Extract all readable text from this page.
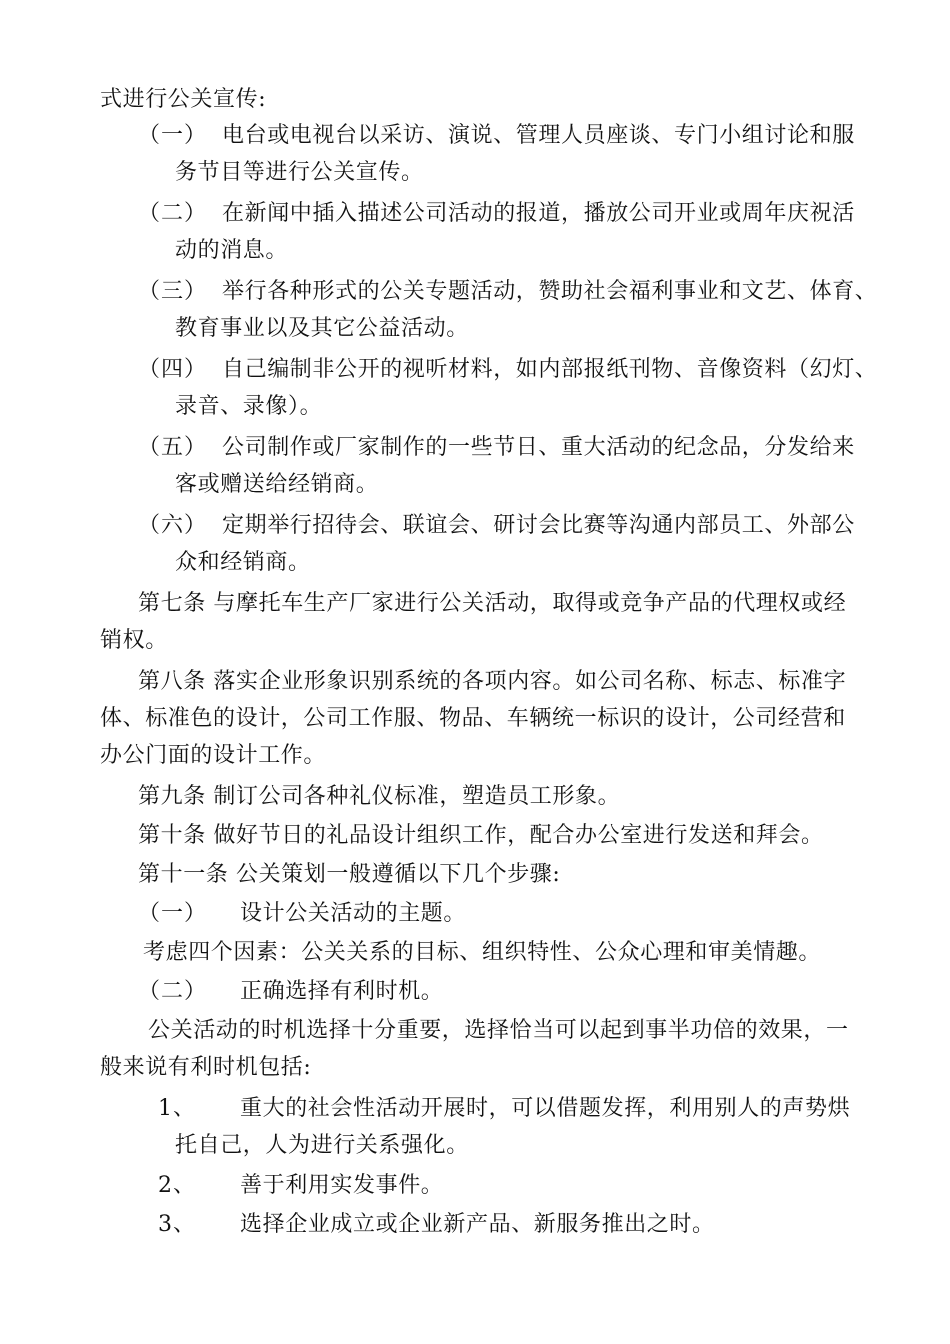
式进行公关宣传:
（一） 电台或电视台以采访、演说、管理人员座谈、专门小组讨论和服
务节目等进行公关宣传。
（二） 在新闻中插入描述公司活动的报道，播放公司开业或周年庆祝活
动的消息。
（三） 举行各种形式的公关专题活动，赞助社会福利事业和文艺、体育、
教育事业以及其它公益活动。
（四） 自己编制非公开的视听材料，如内部报纸刊物、音像资料（幻灯、
录音、录像）。
（五） 公司制作或厂家制作的一些节日、重大活动的纪念品，分发给来
客或赠送给经销商。
（六） 定期举行招待会、联谊会、研讨会比赛等沟通内部员工、外部公
众和经销商。
第七条 与摩托车生产厂家进行公关活动，取得或竞争产品的代理权或经
销权。
第八条 落实企业形象识别系统的各项内容。如公司名称、标志、标准字
体、标准色的设计，公司工作服、物品、车辆统一标识的设计，公司经营和
办公门面的设计工作。
第九条 制订公司各种礼仪标准，塑造员工形象。
第十条 做好节日的礼品设计组织工作，配合办公室进行发送和拜会。
第十一条 公关策划一般遵循以下几个步骤:
（一） 设计公关活动的主题。
考虑四个因素：公关关系的目标、组织特性、公众心理和审美情趣。
（二） 正确选择有利时机。
公关活动的时机选择十分重要，选择恰当可以起到事半功倍的效果，一
般来说有利时机包括:
1、 重大的社会性活动开展时，可以借题发挥，利用别人的声势烘
托自己，人为进行关系强化。
2、 善于利用实发事件。
3、 选择企业成立或企业新产品、新服务推出之时。
